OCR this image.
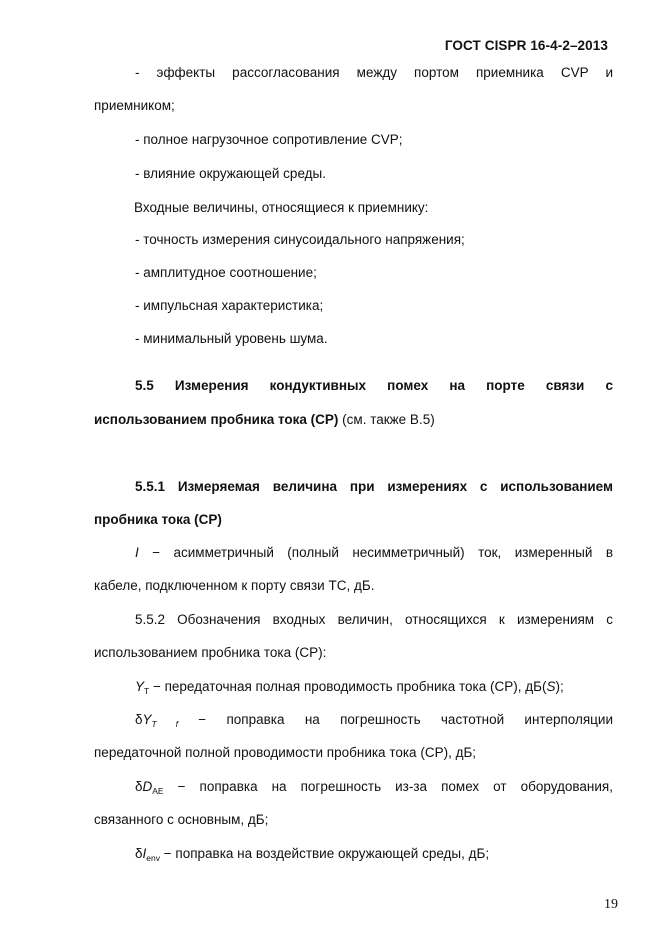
ГОСТ CISPR 16-4-2–2013
- эффекты рассогласования между портом приемника CVP и
приемником;
- полное нагрузочное сопротивление CVP;
- влияние окружающей среды.
Входные величины, относящиеся к приемнику:
- точность измерения синусоидального напряжения;
- амплитудное соотношение;
- импульсная характеристика;
- минимальный уровень шума.
5.5 Измерения кондуктивных помех на порте связи с
использованием пробника тока (CP) (см. также В.5)
5.5.1 Измеряемая величина при измерениях с использованием
пробника тока (CP)
I − асимметричный (полный несимметричный) ток, измеренный в
кабеле, подключенном к порту связи ТС, дБ.
5.5.2 Обозначения входных величин, относящихся к измерениям с
использованием пробника тока (CP):
$Y_T$ − передаточная полная проводимость пробника тока (CP), дБ(S);
$\delta Y_{T f}$ − поправка на погрешность частотной интерполяции
передаточной полной проводимости пробника тока (CP), дБ;
$\delta D_{AE}$ − поправка на погрешность из-за помех от оборудования,
связанного с основным, дБ;
$\delta I_{env}$ − поправка на воздействие окружающей среды, дБ;
19
